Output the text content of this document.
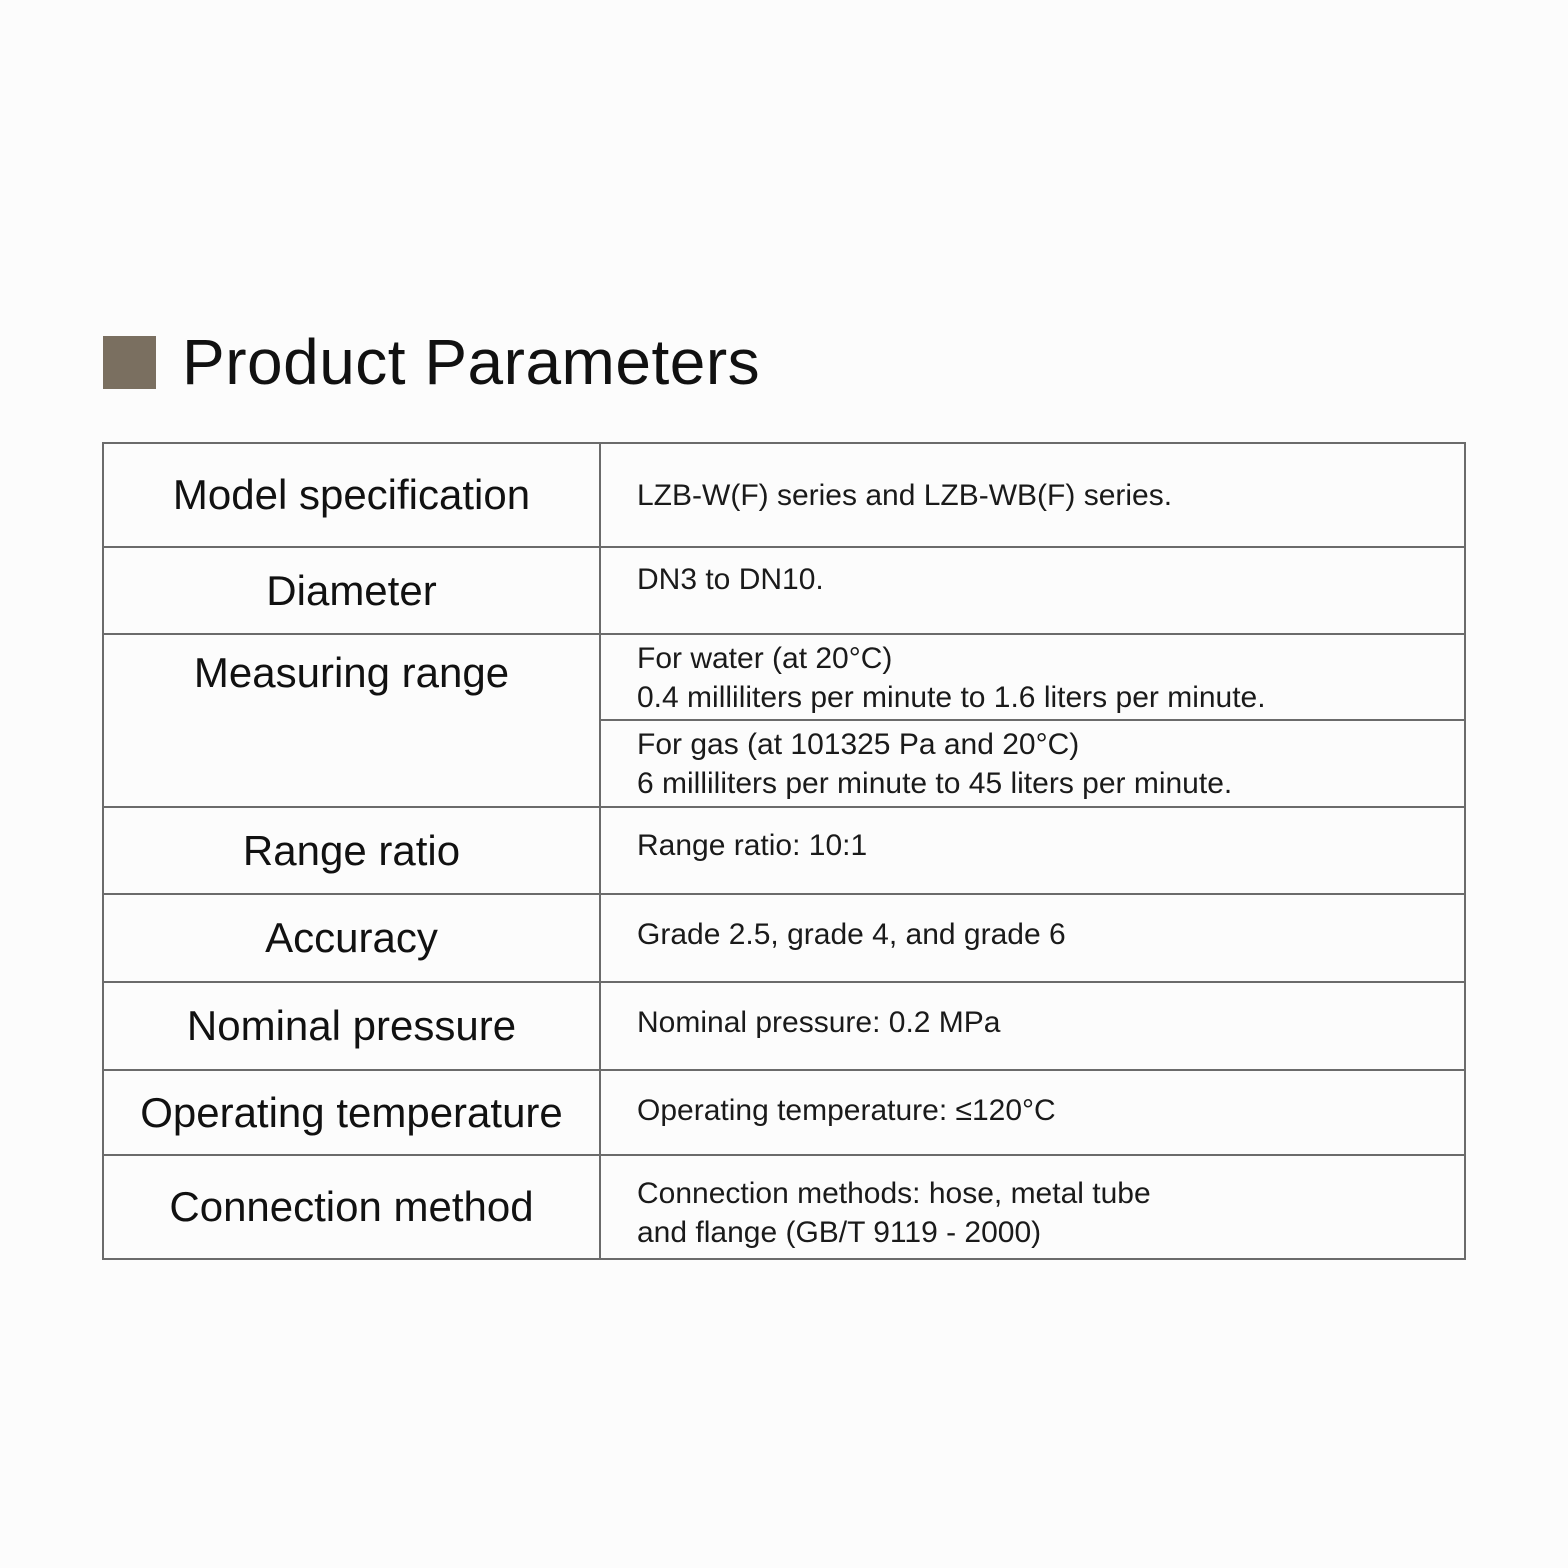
Product Parameters
Model specification	LZB-W(F) series and LZB-WB(F) series.

Diameter	DN3 to DN10.

Measuring range	For water (at 20°C)
0.4 milliliters per minute to 1.6 liters per minute.

	For gas (at 101325 Pa and 20°C)
6 milliliters per minute to 45 liters per minute.

Range ratio	Range ratio: 10:1

Accuracy	Grade 2.5, grade 4, and grade 6

Nominal pressure	Nominal pressure: 0.2 MPa

Operating temperature	Operating temperature: ≤120°C

Connection method	Connection methods: hose, metal tube
and flange (GB/T 9119 - 2000)
